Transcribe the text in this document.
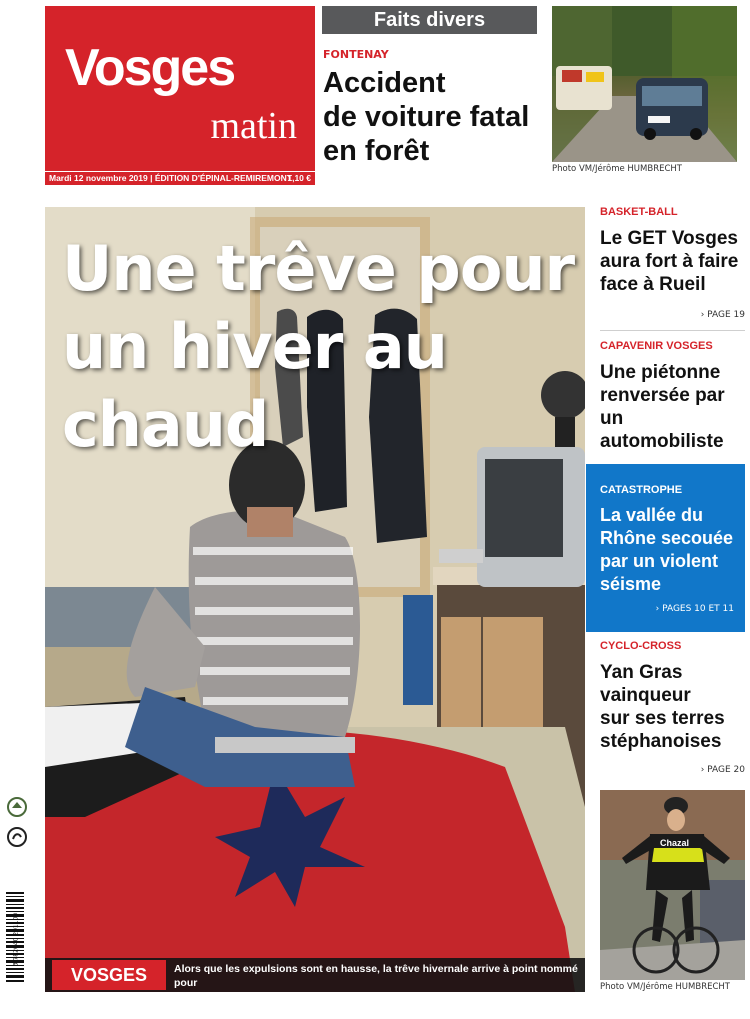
Vosges
matin
Mardi 12 novembre 2019 | ÉDITION D'ÉPINAL-REMIREMONT
1,10 €
Faits divers
FONTENAY
Accident
de voiture fatal
en forêt
Photo VM/Jérôme HUMBRECHT
Une trêve pour
un hiver au chaud
VOSGES	Alors que les expulsions sont en hausse, la trêve hivernale arrive à point nommé pour
de nombreux locataires dits fragiles. Photo d'illustration VM/Eric THIÉBAUT › PAGES 2 ET 3
BASKET-BALL
Le GET Vosges
aura fort à faire
face à Rueil
› PAGE 19
CAPAVENIR VOSGES
Une piétonne
renversée par
un automobiliste
CATASTROPHE
La vallée du
Rhône secouée
par un violent
séisme
› PAGES 10 ET 11
CYCLO-CROSS
Yan Gras
vainqueur
sur ses terres
stéphanoises
› PAGE 20
Chazal
Photo VM/Jérôme HUMBRECHT
3 782040 201100
